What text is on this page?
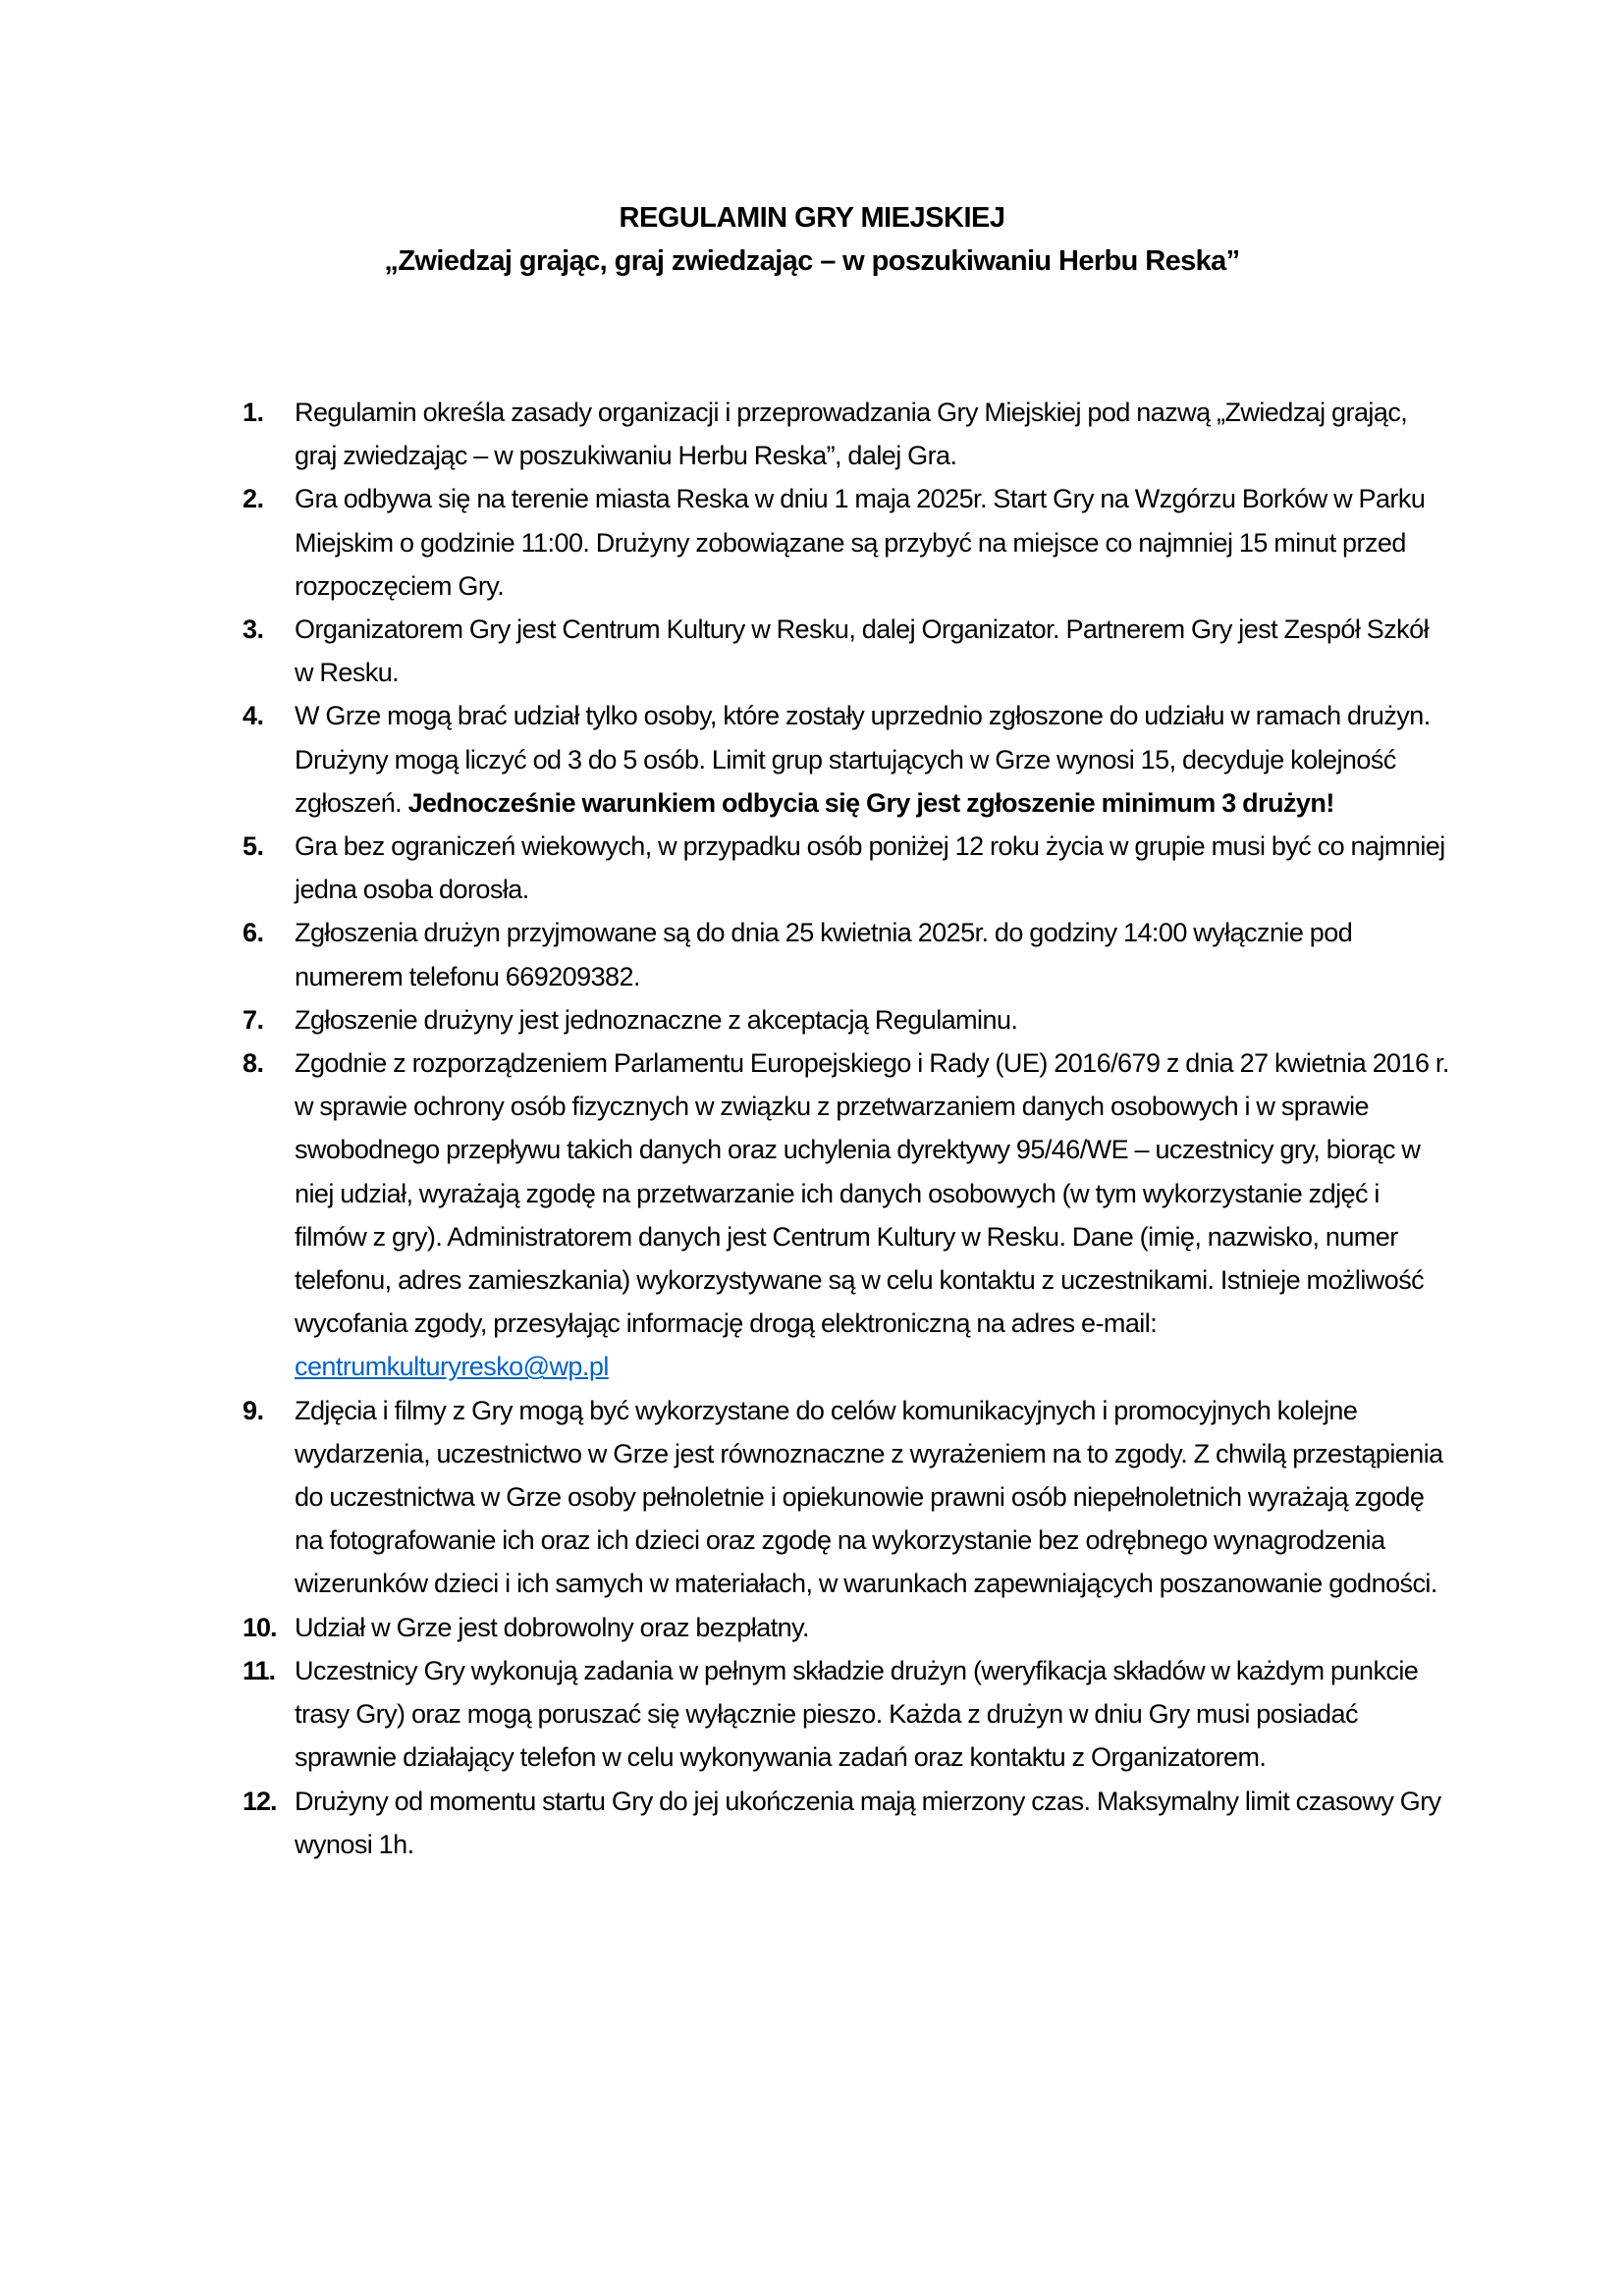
REGULAMIN GRY MIEJSKIEJ
„Zwiedzaj grając, graj zwiedzając – w poszukiwaniu Herbu Reska”
1. Regulamin określa zasady organizacji i przeprowadzania Gry Miejskiej pod nazwą „Zwiedzaj grając, graj zwiedzając – w poszukiwaniu Herbu Reska”, dalej Gra.
2. Gra odbywa się na terenie miasta Reska w dniu 1 maja 2025r. Start Gry na Wzgórzu Borków w Parku Miejskim o godzinie 11:00. Drużyny zobowiązane są przybyć na miejsce co najmniej 15 minut przed rozpoczęciem Gry.
3. Organizatorem Gry jest Centrum Kultury w Resku, dalej Organizator. Partnerem Gry jest Zespół Szkół w Resku.
4. W Grze mogą brać udział tylko osoby, które zostały uprzednio zgłoszone do udziału w ramach drużyn. Drużyny mogą liczyć od 3 do 5 osób. Limit grup startujących w Grze wynosi 15, decyduje kolejność zgłoszeń. Jednocześnie warunkiem odbycia się Gry jest zgłoszenie minimum 3 drużyn!
5. Gra bez ograniczeń wiekowych, w przypadku osób poniżej 12 roku życia w grupie musi być co najmniej jedna osoba dorosła.
6. Zgłoszenia drużyn przyjmowane są do dnia 25 kwietnia 2025r. do godziny 14:00 wyłącznie pod numerem telefonu 669209382.
7. Zgłoszenie drużyny jest jednoznaczne z akceptacją Regulaminu.
8. Zgodnie z rozporządzeniem Parlamentu Europejskiego i Rady (UE) 2016/679 z dnia 27 kwietnia 2016 r. w sprawie ochrony osób fizycznych w związku z przetwarzaniem danych osobowych i w sprawie swobodnego przepływu takich danych oraz uchylenia dyrektywy 95/46/WE – uczestnicy gry, biorąc w niej udział, wyrażają zgodę na przetwarzanie ich danych osobowych (w tym wykorzystanie zdjęć i filmów z gry). Administratorem danych jest Centrum Kultury w Resku. Dane (imię, nazwisko, numer telefonu, adres zamieszkania) wykorzystywane są w celu kontaktu z uczestnikami. Istnieje możliwość wycofania zgody, przesyłając informację drogą elektroniczną na adres e-mail: centrumkulturyresko@wp.pl
9. Zdjęcia i filmy z Gry mogą być wykorzystane do celów komunikacyjnych i promocyjnych kolejne wydarzenia, uczestnictwo w Grze jest równoznaczne z wyrażeniem na to zgody. Z chwilą przestąpienia do uczestnictwa w Grze osoby pełnoletnie i opiekunowie prawni osób niepełnoletnich wyrażają zgodę na fotografowanie ich oraz ich dzieci oraz zgodę na wykorzystanie bez odrębnego wynagrodzenia wizerunków dzieci i ich samych w materiałach, w warunkach zapewniających poszanowanie godności.
10. Udział w Grze jest dobrowolny oraz bezpłatny.
11. Uczestnicy Gry wykonują zadania w pełnym składzie drużyn (weryfikacja składów w każdym punkcie trasy Gry) oraz mogą poruszać się wyłącznie pieszo. Każda z drużyn w dniu Gry musi posiadać sprawnie działający telefon w celu wykonywania zadań oraz kontaktu z Organizatorem.
12. Drużyny od momentu startu Gry do jej ukończenia mają mierzony czas. Maksymalny limit czasowy Gry wynosi 1h.
